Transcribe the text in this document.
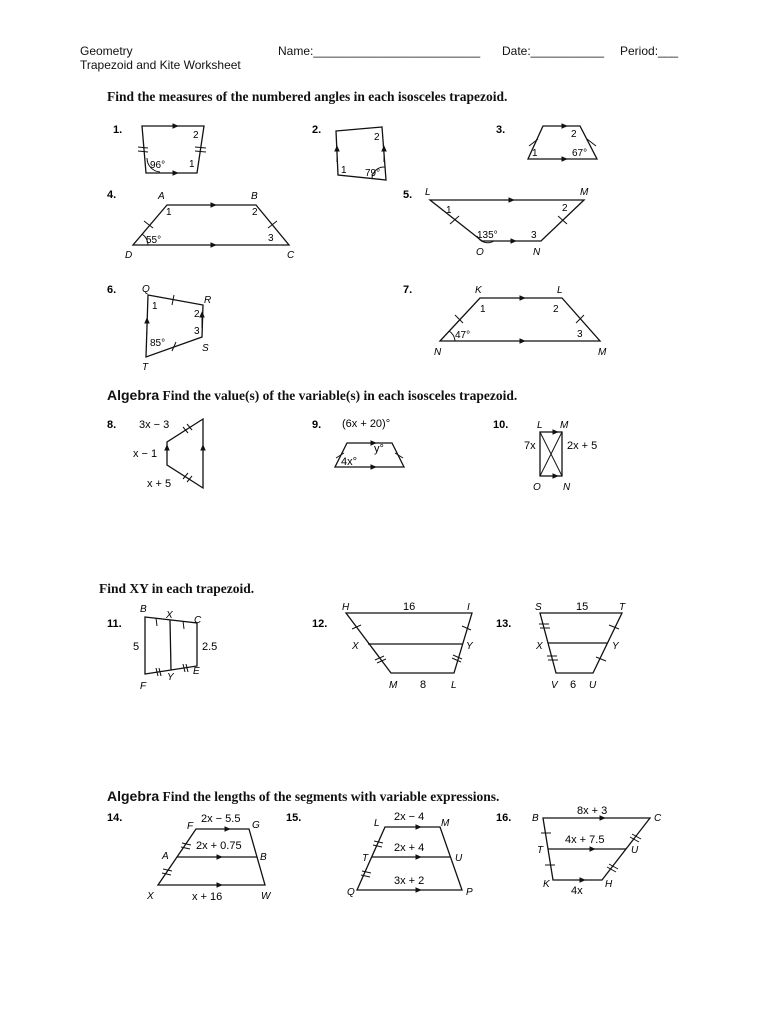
Geometry
Trapezoid and Kite Worksheet
Name:_________________________ Date:___________ Period:___
Find the measures of the numbered angles in each isosceles trapezoid.
Algebra Find the value(s) of the variable(s) in each isosceles trapezoid.
Find XY in each trapezoid.
Algebra Find the lengths of the segments with variable expressions.
1.
96° 1
2	2.
1
2
79°
3.
1
2
67°
4.	A	B
C
D
55°
1	2
3
5. L	M
N
O
135°
1	2
3
6.	Q
R
S
T
85°
1
2
3
7.	K	L
M
N
47°
1	2
3
8. 3x − 3
x − 1
x + 5
9. (6x + 20)°
y°
4x°
10.	L M
N
O
7x	2x + 5
11.
B
X C
E
Y
F
5	2.5
12.
H	I
X	Y
M	L
16
8
13.
S	T
X	Y
V	U
15
6
14.
F	G
A	B
X	W
2x − 5.5
2x + 0.75
x + 16
15.	L	M
T	U
Q	P
2x − 4
2x + 4
3x + 2
16. B	C
T	U
K	H
8x + 3
4x + 7.5
4x
